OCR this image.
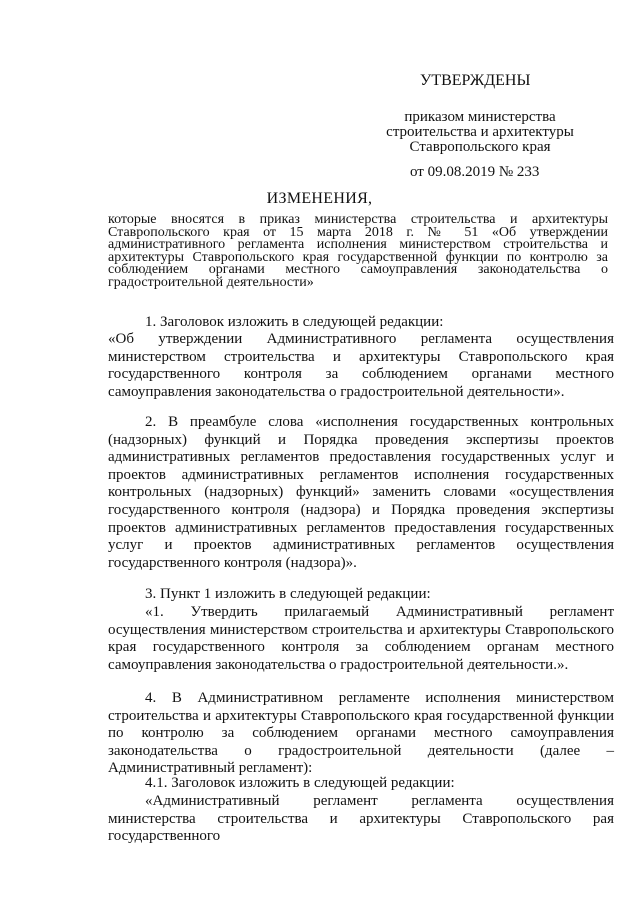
УТВЕРЖДЕНЫ
приказом министерства
строительства и архитектуры
Ставропольского края
от 09.08.2019 № 233
ИЗМЕНЕНИЯ,
которые вносятся в приказ министерства строительства и архитектуры Ставропольского края от 15 марта 2018 г. № 51 «Об утверждении административного регламента исполнения министерством строительства и архитектуры Ставропольского края государственной функции по контролю за соблюдением органами местного самоуправления законодательства о градостроительной деятельности»
1. Заголовок изложить в следующей редакции:
«Об утверждении Административного регламента осуществления министерством строительства и архитектуры Ставропольского края государственного контроля за соблюдением органами местного самоуправления законодательства о градостроительной деятельности».
2. В преамбуле слова «исполнения государственных контрольных (надзорных) функций и Порядка проведения экспертизы проектов административных регламентов предоставления государственных услуг и проектов административных регламентов исполнения государственных контрольных (надзорных) функций» заменить словами «осуществления государственного контроля (надзора) и Порядка проведения экспертизы проектов административных регламентов предоставления государственных услуг и проектов административных регламентов осуществления государственного контроля (надзора)».
3. Пункт 1 изложить в следующей редакции:
«1. Утвердить прилагаемый Административный регламент осуществления министерством строительства и архитектуры Ставропольского края государственного контроля за соблюдением органам местного самоуправления законодательства о градостроительной деятельности.».
4. В Административном регламенте исполнения министерством строительства и архитектуры Ставропольского края государственной функции по контролю за соблюдением органами местного самоуправления законодательства о градостроительной деятельности (далее – Административный регламент):
4.1. Заголовок изложить в следующей редакции:
«Административный регламент регламента осуществления министерства строительства и архитектуры Ставропольского рая государственного
